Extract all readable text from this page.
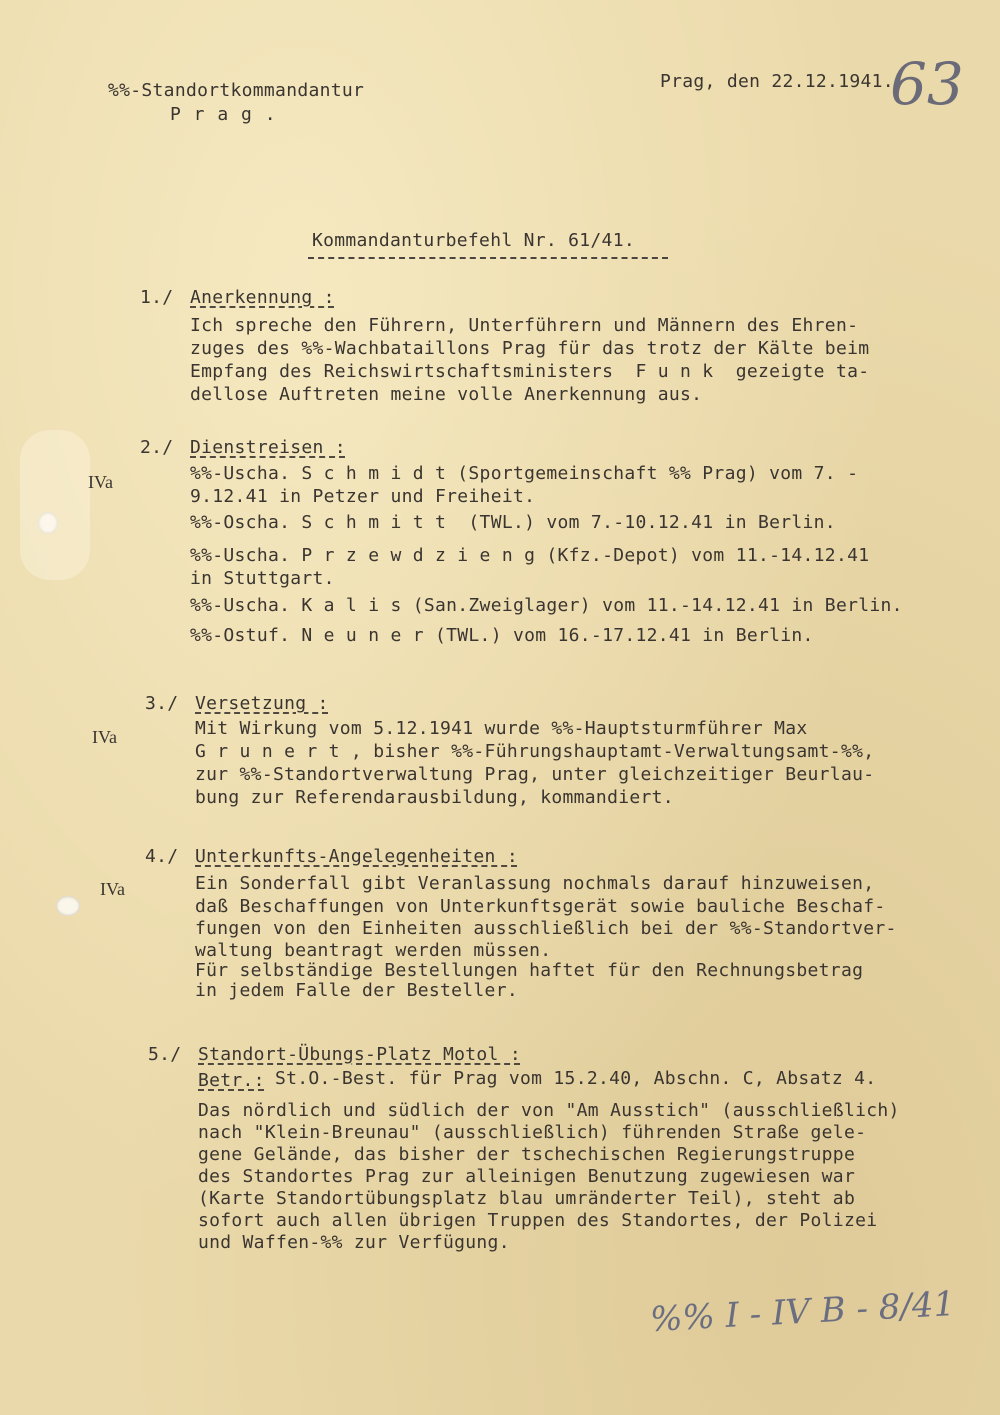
%%-Standortkommandantur
P r a g .
Prag, den 22.12.1941.
63
Kommandanturbefehl Nr. 61/41.
1./ Anerkennung :
Ich spreche den Führern, Unterführern und Männern des Ehren-
zuges des %%-Wachbataillons Prag für das trotz der Kälte beim
Empfang des Reichswirtschaftsministers  F u n k  gezeigte ta-
dellose Auftreten meine volle Anerkennung aus.
2./ Dienstreisen :
IVa	%%-Uscha. S c h m i d t (Sportgemeinschaft %% Prag) vom 7. -
9.12.41 in Petzer und Freiheit.
%%-Oscha. S c h m i t t  (TWL.) vom 7.-10.12.41 in Berlin.
%%-Uscha. P r z e w d z i e n g (Kfz.-Depot) vom 11.-14.12.41
in Stuttgart.
%%-Uscha. K a l i s (San.Zweiglager) vom 11.-14.12.41 in Berlin.
%%-Ostuf. N e u n e r (TWL.) vom 16.-17.12.41 in Berlin.
3./ Versetzung :
IVa	Mit Wirkung vom 5.12.1941 wurde %%-Hauptsturmführer Max
G r u n e r t , bisher %%-Führungshauptamt-Verwaltungsamt-%%,
zur %%-Standortverwaltung Prag, unter gleichzeitiger Beurlau-
bung zur Referendarausbildung, kommandiert.
4./ Unterkunfts-Angelegenheiten :
IVa	Ein Sonderfall gibt Veranlassung nochmals darauf hinzuweisen,
daß Beschaffungen von Unterkunftsgerät sowie bauliche Beschaf-
fungen von den Einheiten ausschließlich bei der %%-Standortver-
waltung beantragt werden müssen.
Für selbständige Bestellungen haftet für den Rechnungsbetrag
in jedem Falle der Besteller.
5./ Standort-Übungs-Platz Motol :
Betr.: St.O.-Best. für Prag vom 15.2.40, Abschn. C, Absatz 4.
Das nördlich und südlich der von "Am Ausstich" (ausschließlich)
nach "Klein-Breunau" (ausschließlich) führenden Straße gele-
gene Gelände, das bisher der tschechischen Regierungstruppe
des Standortes Prag zur alleinigen Benutzung zugewiesen war
(Karte Standortübungsplatz blau umränderter Teil), steht ab
sofort auch allen übrigen Truppen des Standortes, der Polizei
und Waffen-%% zur Verfügung.
%% I - IV B - 8/41
